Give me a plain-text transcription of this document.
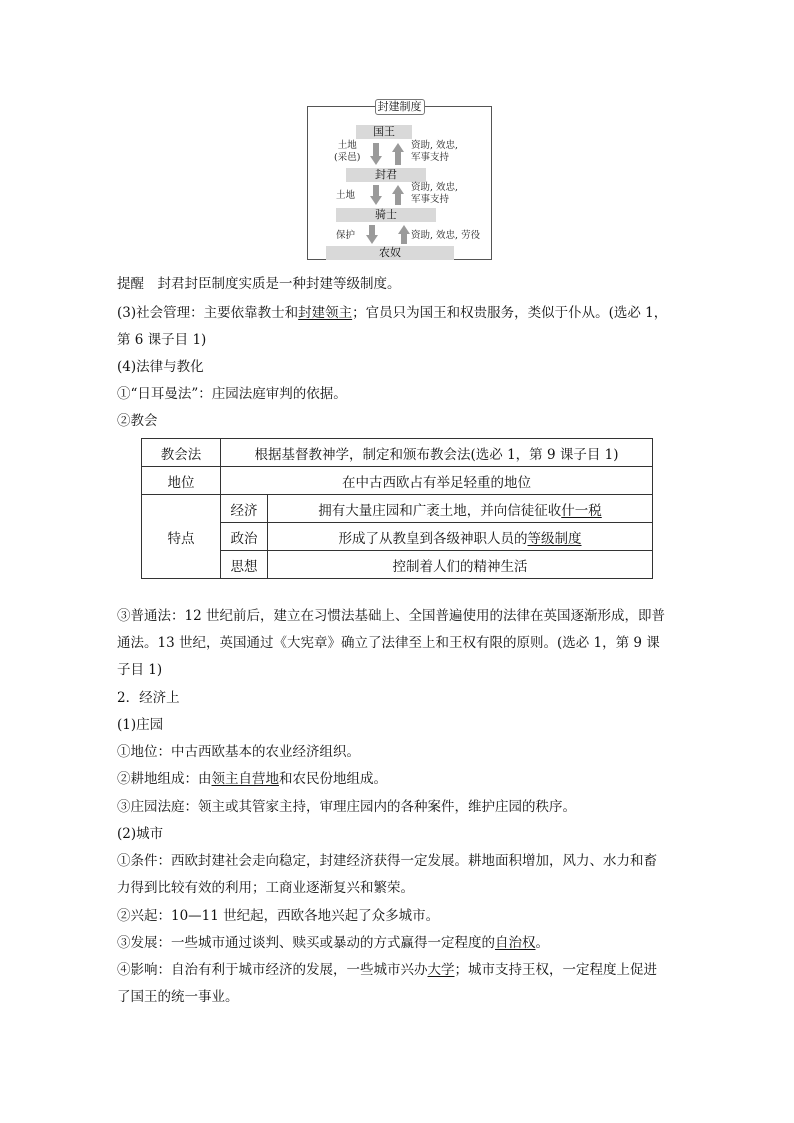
封建制度
国王
封君
骑士
农奴
土地
(采邑)
土地
保护
资助, 效忠,
军事支持
资助, 效忠,
军事支持
资助, 效忠, 劳役
提醒　封君封臣制度实质是一种封建等级制度。
(3)社会管理：主要依靠教士和封建领主；官员只为国王和权贵服务，类似于仆从。(选必 1，
第 6 课子目 1)
(4)法律与教化
①“日耳曼法”：庄园法庭审判的依据。
②教会
教会法	根据基督教神学，制定和颁布教会法(选必 1，第 9 课子目 1)	
地位	在中古西欧占有举足轻重的地位	
特点	经济	拥有大量庄园和广袤土地，并向信徒征收什一税
	政治	形成了从教皇到各级神职人员的等级制度
	思想	控制着人们的精神生活
③普通法：12 世纪前后，建立在习惯法基础上、全国普遍使用的法律在英国逐渐形成，即普
通法。13 世纪，英国通过《大宪章》确立了法律至上和王权有限的原则。(选必 1，第 9 课
子目 1)
2．经济上
(1)庄园
①地位：中古西欧基本的农业经济组织。
②耕地组成：由领主自营地和农民份地组成。
③庄园法庭：领主或其管家主持，审理庄园内的各种案件，维护庄园的秩序。
(2)城市
①条件：西欧封建社会走向稳定，封建经济获得一定发展。耕地面积增加，风力、水力和畜
力得到比较有效的利用；工商业逐渐复兴和繁荣。
②兴起：10—11 世纪起，西欧各地兴起了众多城市。
③发展：一些城市通过谈判、赎买或暴动的方式赢得一定程度的自治权。
④影响：自治有利于城市经济的发展，一些城市兴办大学；城市支持王权，一定程度上促进
了国王的统一事业。
